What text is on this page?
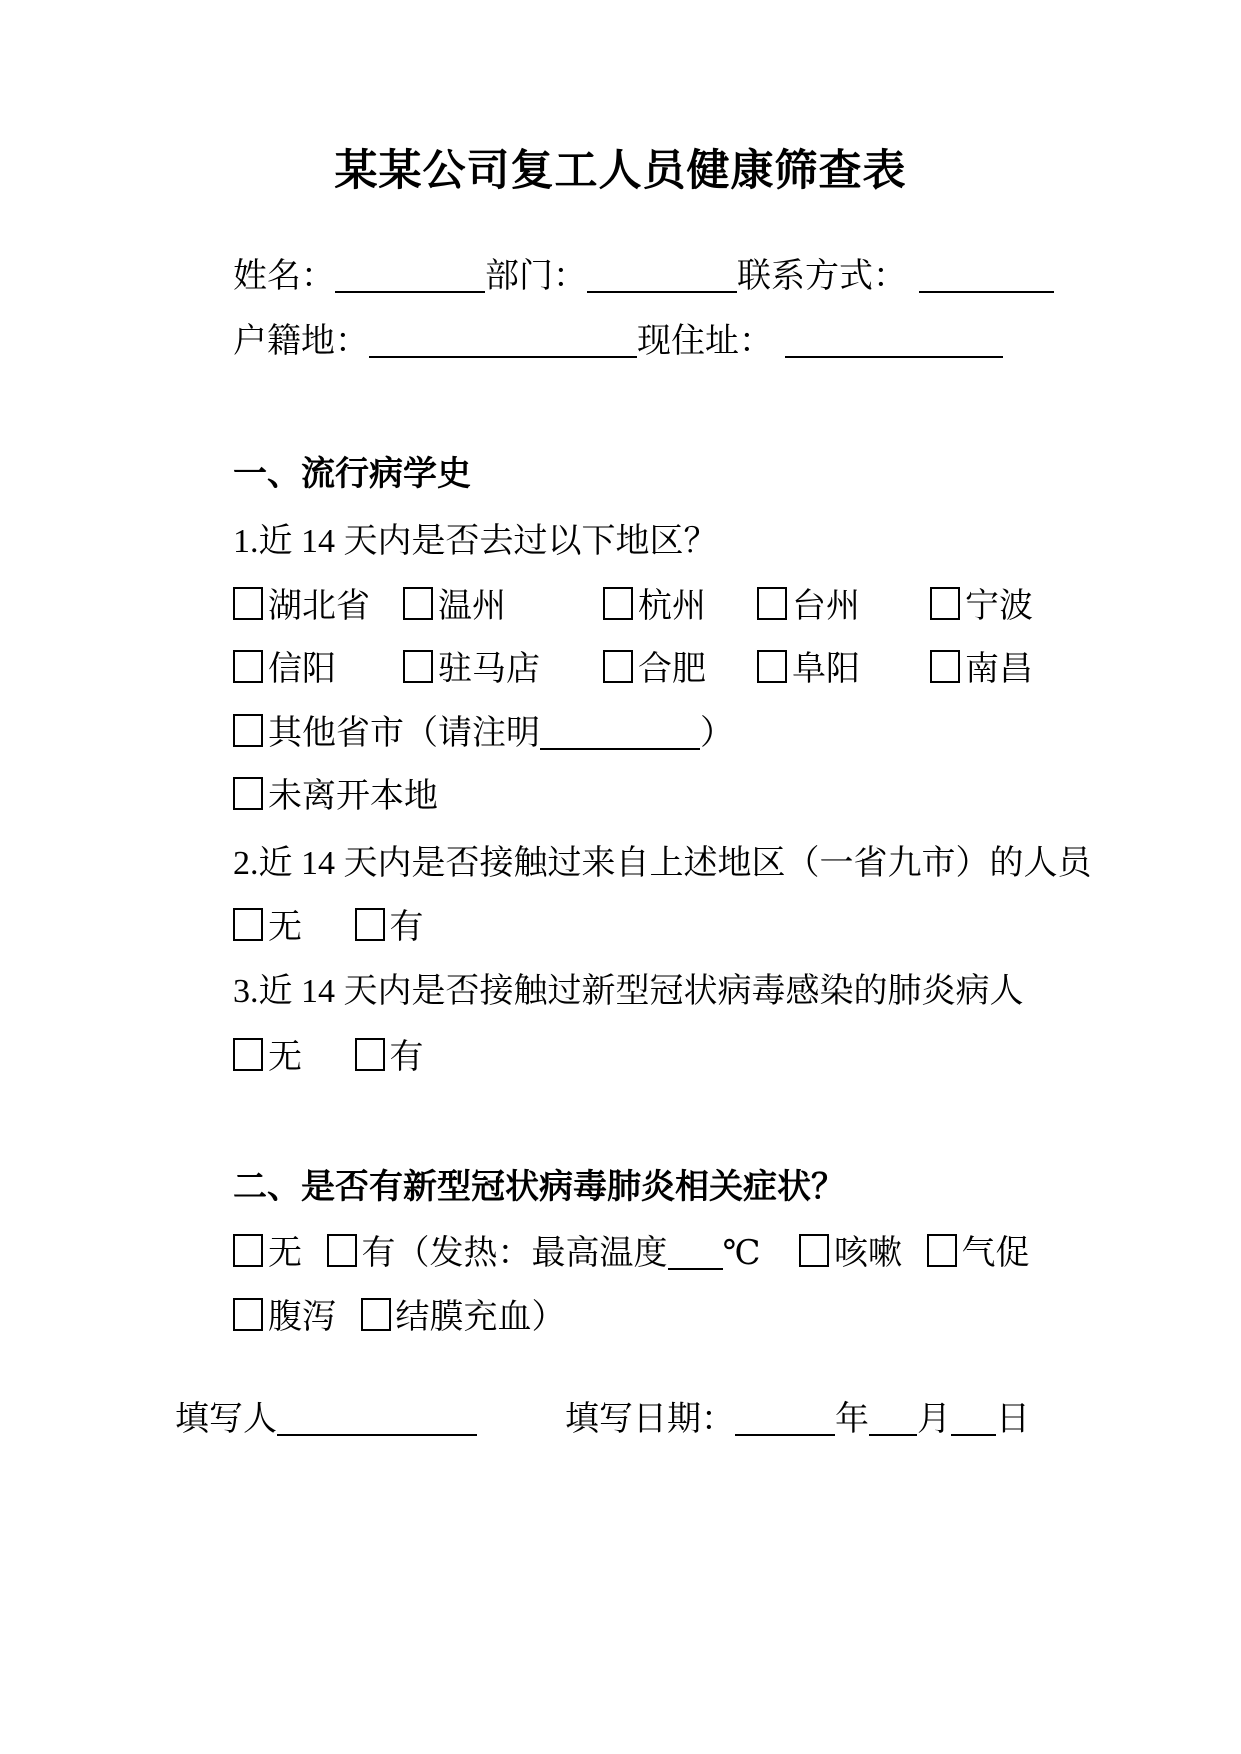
某某公司复工人员健康筛查表
姓名：	部门：	联系方式：
户籍地：	现住址：
一、流行病学史
1.近 14 天内是否去过以下地区？
湖北省	温州	杭州	台州	宁波
信阳	驻马店	合肥	阜阳	南昌
其他省市（请注明	）
未离开本地
2.近 14 天内是否接触过来自上述地区（一省九市）的人员
无	有
3.近 14 天内是否接触过新型冠状病毒感染的肺炎病人
无	有
二、是否有新型冠状病毒肺炎相关症状？
无 有（发热：最高温度 ℃ 咳嗽 气促
腹泻 结膜充血）
填写人	填写日期：	年 月 日
